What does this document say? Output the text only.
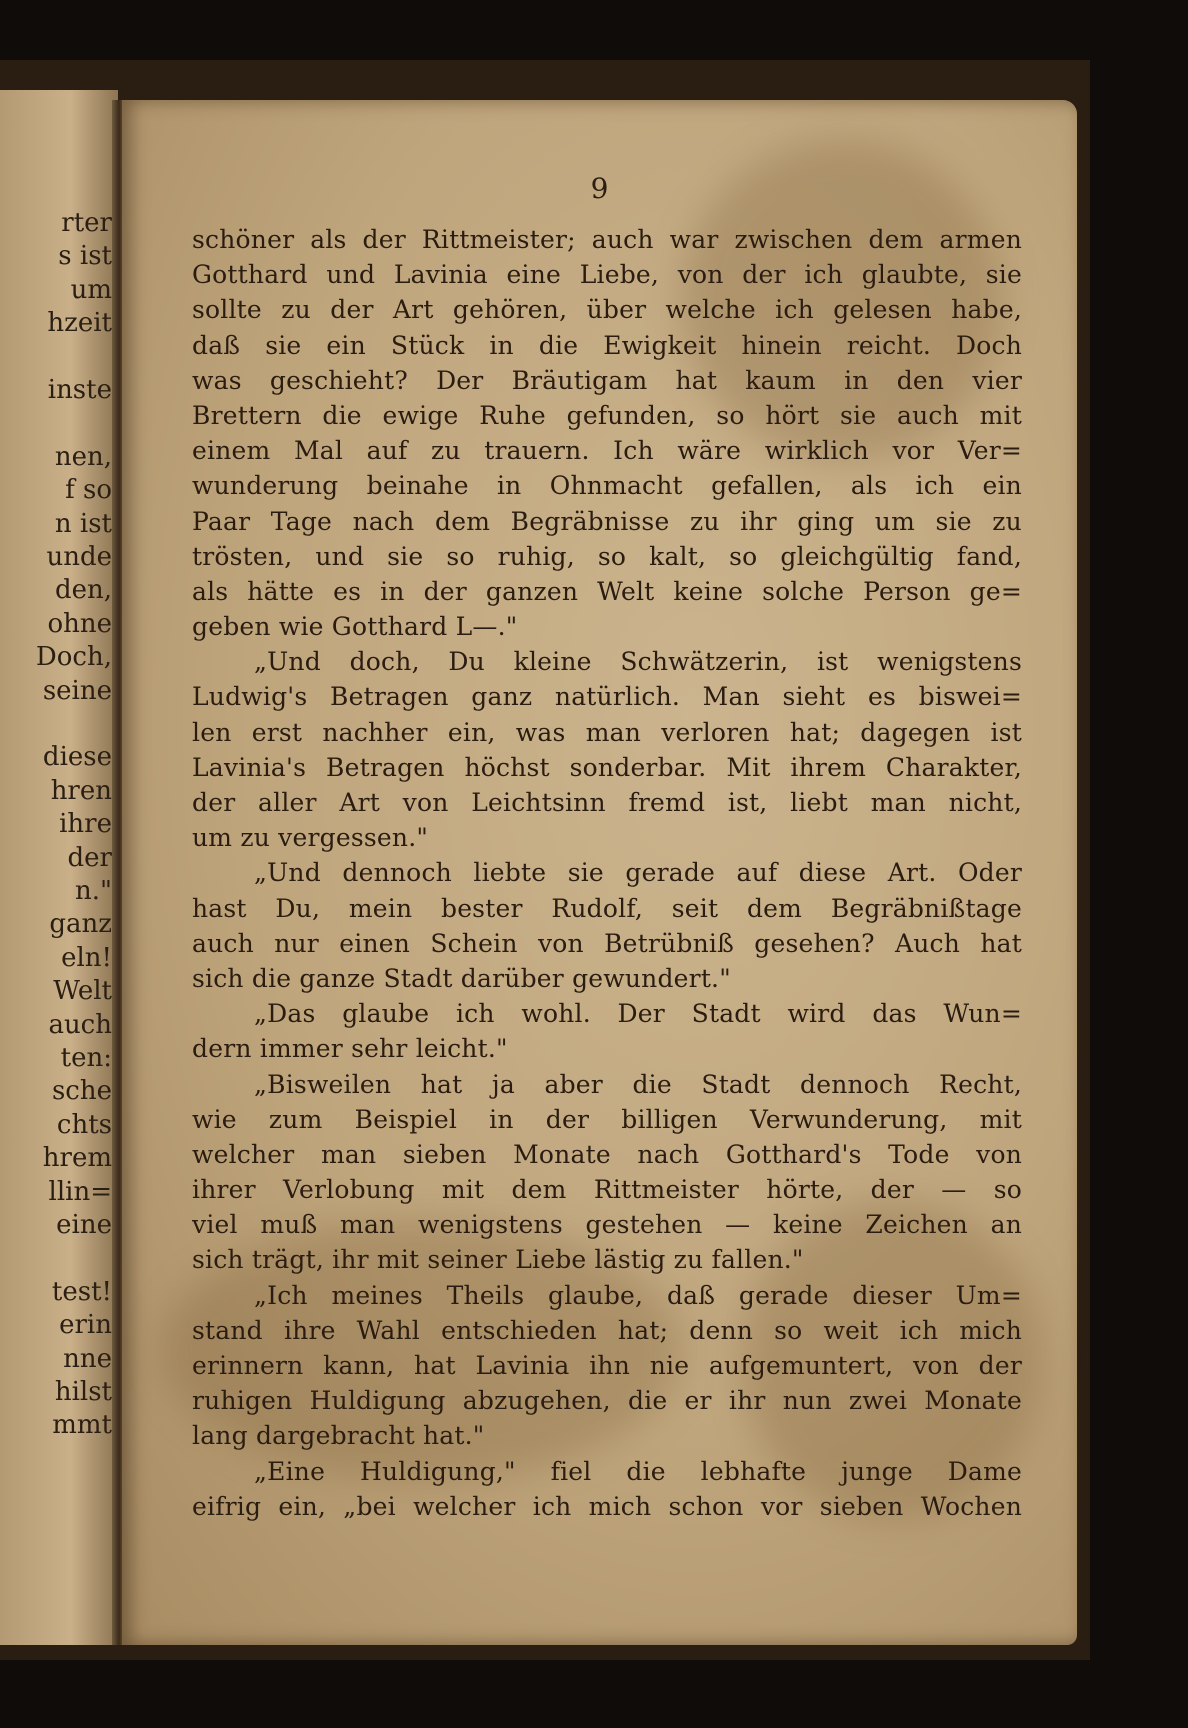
rter
s ist
um
hzeit
inste
nen,
f so
n ist
unde
den,
ohne
Doch,
seine
diese
hren
ihre
der
n."
ganz
eln!
Welt
auch
ten:
sche
chts
hrem
llin=
eine
test!
erin
nne
hilst
mmt
9
schöner als der Rittmeister; auch war zwischen dem armen
Gotthard und Lavinia eine Liebe, von der ich glaubte, sie
sollte zu der Art gehören, über welche ich gelesen habe,
daß sie ein Stück in die Ewigkeit hinein reicht. Doch
was geschieht? Der Bräutigam hat kaum in den vier
Brettern die ewige Ruhe gefunden, so hört sie auch mit
einem Mal auf zu trauern. Ich wäre wirklich vor Ver=
wunderung beinahe in Ohnmacht gefallen, als ich ein
Paar Tage nach dem Begräbnisse zu ihr ging um sie zu
trösten, und sie so ruhig, so kalt, so gleichgültig fand,
als hätte es in der ganzen Welt keine solche Person ge=
geben wie Gotthard L—."
„Und doch, Du kleine Schwätzerin, ist wenigstens
Ludwig's Betragen ganz natürlich. Man sieht es biswei=
len erst nachher ein, was man verloren hat; dagegen ist
Lavinia's Betragen höchst sonderbar. Mit ihrem Charakter,
der aller Art von Leichtsinn fremd ist, liebt man nicht,
um zu vergessen."
„Und dennoch liebte sie gerade auf diese Art. Oder
hast Du, mein bester Rudolf, seit dem Begräbnißtage
auch nur einen Schein von Betrübniß gesehen? Auch hat
sich die ganze Stadt darüber gewundert."
„Das glaube ich wohl. Der Stadt wird das Wun=
dern immer sehr leicht."
„Bisweilen hat ja aber die Stadt dennoch Recht,
wie zum Beispiel in der billigen Verwunderung, mit
welcher man sieben Monate nach Gotthard's Tode von
ihrer Verlobung mit dem Rittmeister hörte, der — so
viel muß man wenigstens gestehen — keine Zeichen an
sich trägt, ihr mit seiner Liebe lästig zu fallen."
„Ich meines Theils glaube, daß gerade dieser Um=
stand ihre Wahl entschieden hat; denn so weit ich mich
erinnern kann, hat Lavinia ihn nie aufgemuntert, von der
ruhigen Huldigung abzugehen, die er ihr nun zwei Monate
lang dargebracht hat."
„Eine Huldigung," fiel die lebhafte junge Dame
eifrig ein, „bei welcher ich mich schon vor sieben Wochen
